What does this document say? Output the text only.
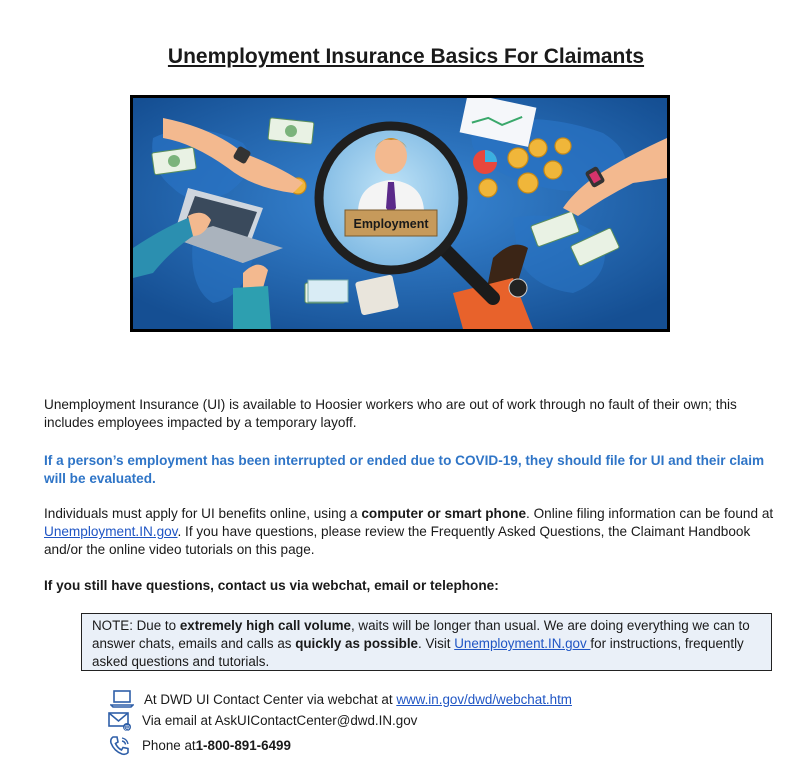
Unemployment Insurance Basics For Claimants
Employment
Unemployment Insurance (UI) is available to Hoosier workers who are out of work through no fault of their own; this includes employees impacted by a temporary layoff.
If a person’s employment has been interrupted or ended due to COVID-19, they should file for UI and their claim will be evaluated.
Individuals must apply for UI benefits online, using a computer or smart phone. Online filing information can be found at Unemployment.IN.gov. If you have questions, please review the Frequently Asked Questions, the Claimant Handbook and/or the online video tutorials on this page.
If you still have questions, contact us via webchat, email or telephone:
NOTE: Due to extremely high call volume, waits will be longer than usual. We are doing everything we can to answer chats, emails and calls as quickly as possible. Visit Unemployment.IN.gov for instructions, frequently asked questions and tutorials.
At DWD UI Contact Center via webchat at
www.in.gov/dwd/webchat.htm
@ Via email at AskUIContactCenter@dwd.IN.gov
Phone at 1-800-891-6499
